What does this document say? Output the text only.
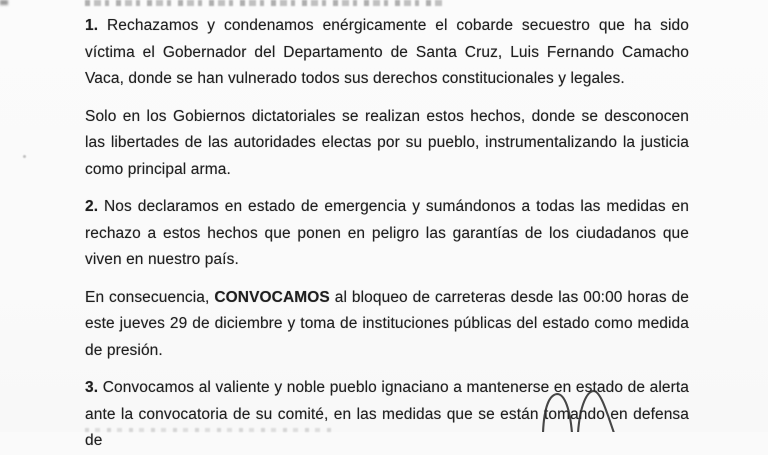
1. Rechazamos y condenamos enérgicamente el cobarde secuestro que ha sido víctima el Gobernador del Departamento de Santa Cruz, Luis Fernando Camacho Vaca, donde se han vulnerado todos sus derechos constitucionales y legales.

Solo en los Gobiernos dictatoriales se realizan estos hechos, donde se desconocen las libertades de las autoridades electas por su pueblo, instrumentalizando la justicia como principal arma.

2. Nos declaramos en estado de emergencia y sumándonos a todas las medidas en rechazo a estos hechos que ponen en peligro las garantías de los ciudadanos que viven en nuestro país.

En consecuencia, CONVOCAMOS al bloqueo de carreteras desde las 00:00 horas de este jueves 29 de diciembre y toma de instituciones públicas del estado como medida de presión.

3. Convocamos al valiente y noble pueblo ignaciano a mantenerse en estado de alerta ante la convocatoria de su comité, en las medidas que se están tomando en defensa de
